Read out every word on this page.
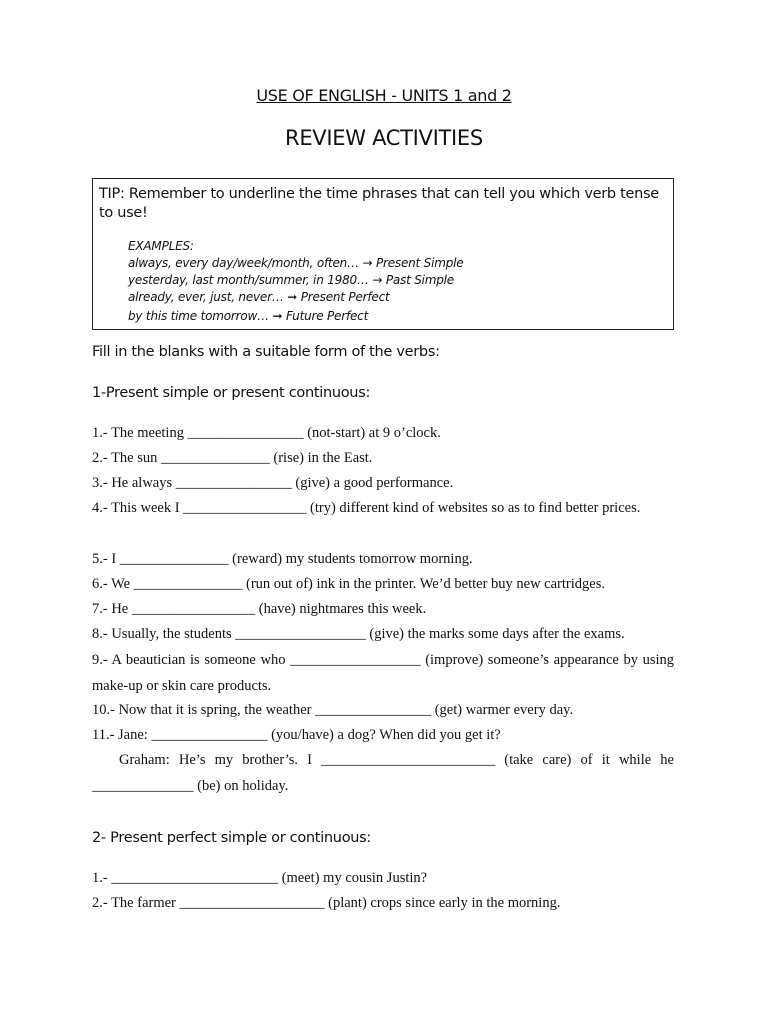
USE OF ENGLISH - UNITS 1 and 2
REVIEW ACTIVITIES
TIP: Remember to underline the time phrases that can tell you which verb tense to use!
EXAMPLES:
always, every day/week/month, often… → Present Simple
yesterday, last month/summer, in 1980… → Past Simple
already, ever, just, never… ➞ Present Perfect
by this time tomorrow… ➞ Future Perfect
Fill in the blanks with a suitable form of the verbs:
1-Present simple or present continuous:
1.- The meeting ________________ (not-start) at 9 o’clock.
2.- The sun _______________ (rise) in the East.
3.- He always ________________ (give) a good performance.
4.- This week I _________________ (try) different kind of websites so as to find better prices.
5.- I _______________ (reward) my students tomorrow morning.
6.- We _______________ (run out of) ink in the printer. We’d better buy new cartridges.
7.- He _________________ (have) nightmares this week.
8.- Usually, the students __________________ (give) the marks some days after the exams.
9.- A beautician is someone who __________________ (improve) someone’s appearance by using make-up or skin care products.
10.- Now that it is spring, the weather ________________ (get) warmer every day.
11.- Jane: ________________ (you/have) a dog? When did you get it?
Graham: He’s my brother’s. I ________________________ (take care) of it while he ______________ (be) on holiday.
2- Present perfect simple or continuous:
1.- _______________________ (meet) my cousin Justin?
2.- The farmer ____________________ (plant) crops since early in the morning.
